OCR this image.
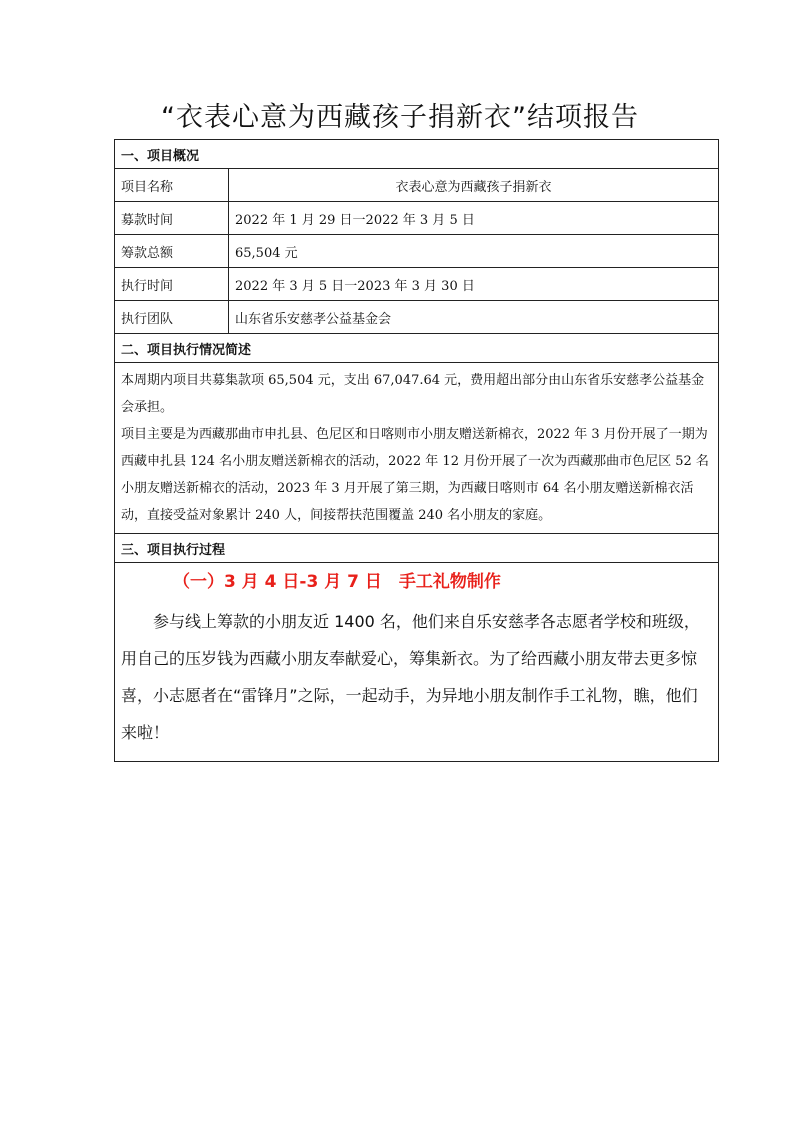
“衣表心意为西藏孩子捐新衣”结项报告
一、项目概况	
项目名称	衣表心意为西藏孩子捐新衣
募款时间	2022 年 1 月 29 日一2022 年 3 月 5 日
筹款总额	65,504 元
执行时间	2022 年 3 月 5 日一2023 年 3 月 30 日
执行团队	山东省乐安慈孝公益基金会
二、项目执行情况简述	

本周期内项目共募集款项 65,504 元，支出 67,047.64 元，费用超出部分由山东省乐安慈孝公益基金会承担。

项目主要是为西藏那曲市申扎县、色尼区和日喀则市小朋友赠送新棉衣，2022 年 3 月份开展了一期为西藏申扎县 124 名小朋友赠送新棉衣的活动，2022 年 12 月份开展了一次为西藏那曲市色尼区 52 名小朋友赠送新棉衣的活动，2023 年 3 月开展了第三期，为西藏日喀则市 64 名小朋友赠送新棉衣活动，直接受益对象累计 240 人，间接帮扶范围覆盖 240 名小朋友的家庭。	

三、项目执行过程	

（一）3 月 4 日-3 月 7 日　手工礼物制作

参与线上筹款的小朋友近 1400 名，他们来自乐安慈孝各志愿者学校和班级，用自己的压岁钱为西藏小朋友奉献爱心，筹集新衣。为了给西藏小朋友带去更多惊喜，小志愿者在“雷锋月”之际，一起动手，为异地小朋友制作手工礼物，瞧，他们来啦！	
